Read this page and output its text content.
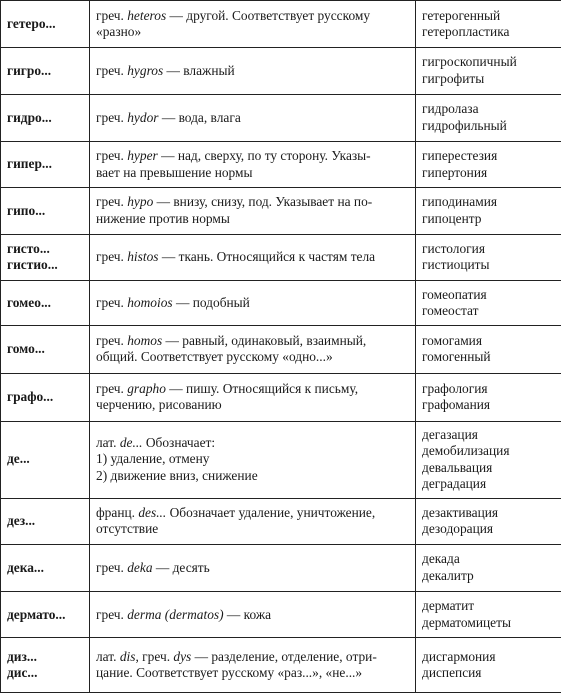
гетеро...	греч. heteros — другой. Соответствует русскому
«разно»	гетерогенный
гетеропластика

гигро...	греч. hygros — влажный	гигроскопичный
гигрофиты

гидро...	греч. hydor — вода, влага	гидролаза
гидрофильный

гипер...	греч. hyper — над, сверху, по ту сторону. Указы-
вает на превышение нормы	гиперестезия
гипертония

гипо...	греч. hypo — внизу, снизу, под. Указывает на по-
нижение против нормы	гиподинамия
гипоцентр

гисто...
гистио...	греч. histos — ткань. Относящийся к частям тела	гистология
гистиоциты

гомео...	греч. homoios — подобный	гомеопатия
гомеостат

гомо...	греч. homos — равный, одинаковый, взаимный,
общий. Соответствует русскому «одно...»	гомогамия
гомогенный

графо...	греч. grapho — пишу. Относящийся к письму,
черчению, рисованию	графология
графомания

де...	лат. de... Обозначает:
1) удаление, отмену
2) движение вниз, снижение	дегазация
демобилизация
девальвация
деградация

дез...	франц. des... Обозначает удаление, уничтожение,
отсутствие	дезактивация
дезодорация

дека...	греч. deka — десять	декада
декалитр

дермато...	греч. derma (dermatos) — кожа	дерматит
дерматомицеты

диз...
дис...	лат. dis, греч. dys — разделение, отделение, отри-
цание. Соответствует русскому «раз...», «не...»	дисгармония
диспепсия
